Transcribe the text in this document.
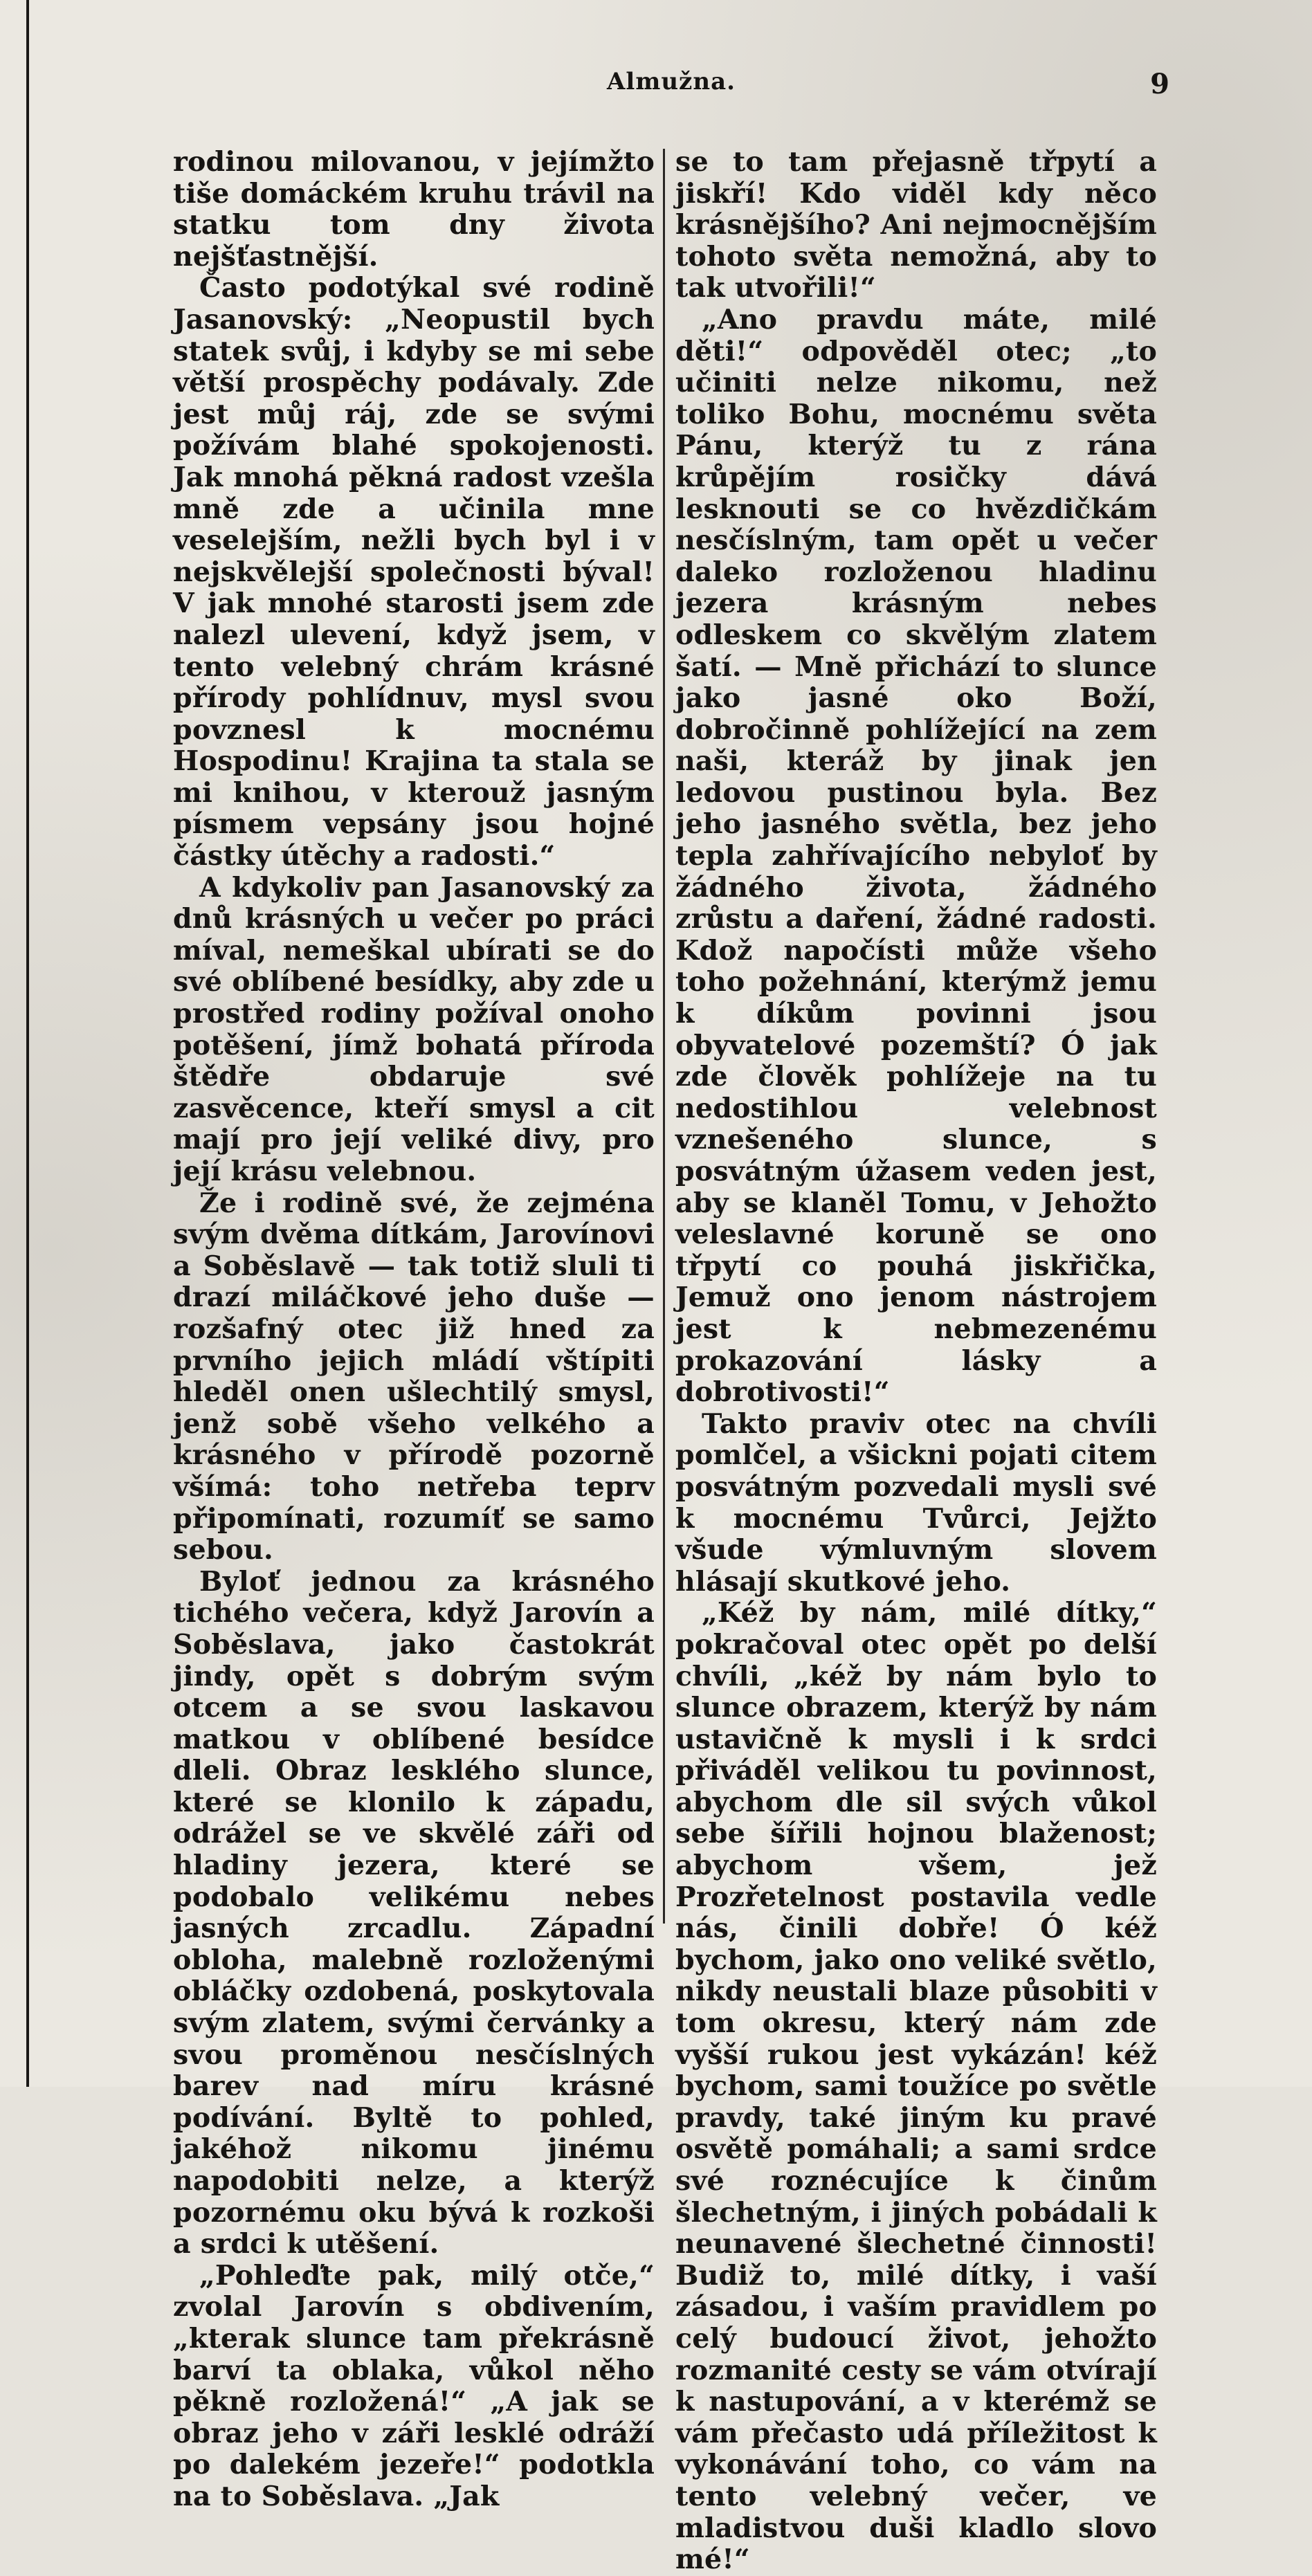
Almužna.	9

rodinou milovanou, v jejímžto tiše domáckém kruhu trávil na statku tom dny života nejšťastnější.

Často podotýkal své rodině Jasanovský: „Neopustil bych statek svůj, i kdyby se mi sebe větší prospěchy podávaly. Zde jest můj ráj, zde se svými požívám blahé spokojenosti. Jak mnohá pěkná radost vzešla mně zde a učinila mne veselejším, nežli bych byl i v nejskvělejší společnosti býval! V jak mnohé starosti jsem zde nalezl ulevení, když jsem, v tento velebný chrám krásné přírody pohlídnuv, mysl svou povznesl k mocnému Hospodinu! Krajina ta stala se mi knihou, v kterouž jasným písmem vepsány jsou hojné částky útěchy a radosti.“

A kdykoliv pan Jasanovský za dnů krásných u večer po práci míval, nemeškal ubírati se do své oblíbené besídky, aby zde u prostřed rodiny požíval onoho potěšení, jímž bohatá příroda štědře obdaruje své zasvěcence, kteří smysl a cit mají pro její veliké divy, pro její krásu velebnou.

Že i rodině své, že zejména svým dvěma dítkám, Jarovínovi a Soběslavě — tak totiž sluli ti drazí miláčkové jeho duše — rozšafný otec již hned za prvního jejich mládí vštípiti hleděl onen ušlechtilý smysl, jenž sobě všeho velkého a krásného v přírodě pozorně všímá: toho netřeba teprv připomínati, rozumíť se samo sebou.

Byloť jednou za krásného tichého večera, když Jarovín a Soběslava, jako častokrát jindy, opět s dobrým svým otcem a se svou laskavou matkou v oblíbené besídce dleli. Obraz lesklého slunce, které se klonilo k západu, odrážel se ve skvělé záři od hladiny jezera, které se podobalo velikému nebes jasných zrcadlu. Západní obloha, malebně rozloženými obláčky ozdobená, poskytovala svým zlatem, svými červánky a svou proměnou nesčíslných barev nad míru krásné podívání. Byltě to pohled, jakéhož nikomu jinému napodobiti nelze, a kterýž pozornému oku bývá k rozkoši a srdci k utěšení.

„Pohleďte pak, milý otče,“ zvolal Jarovín s obdivením, „kterak slunce tam překrásně barví ta oblaka, vůkol něho pěkně rozložená!“ „A jak se obraz jeho v záři lesklé odráží po dalekém jezeře!“ podotkla na to Soběslava. „Jak

se to tam přejasně třpytí a jiskří! Kdo viděl kdy něco krásnějšího? Ani nejmocnějším tohoto světa nemožná, aby to tak utvořili!“

„Ano pravdu máte, milé děti!“ odpověděl otec; „to učiniti nelze nikomu, než toliko Bohu, mocnému světa Pánu, kterýž tu z rána krůpějím rosičky dává lesknouti se co hvězdičkám nesčíslným, tam opět u večer daleko rozloženou hladinu jezera krásným nebes odleskem co skvělým zlatem šatí. — Mně přichází to slunce jako jasné oko Boží, dobročinně pohlížející na zem naši, kteráž by jinak jen ledovou pustinou byla. Bez jeho jasného světla, bez jeho tepla zahřívajícího nebyloť by žádného života, žádného zrůstu a daření, žádné radosti. Kdož napočísti může všeho toho požehnání, kterýmž jemu k díkům povinni jsou obyvatelové pozemští? Ó jak zde člověk pohlížeje na tu nedostihlou velebnost vznešeného slunce, s posvátným úžasem veden jest, aby se klaněl Tomu, v Jehožto veleslavné koruně se ono třpytí co pouhá jiskřička, Jemuž ono jenom nástrojem jest k nebmezenému prokazování lásky a dobrotivosti!“

Takto praviv otec na chvíli pomlčel, a všickni pojati citem posvátným pozvedali mysli své k mocnému Tvůrci, Jejžto všude výmluvným slovem hlásají skutkové jeho.

„Kéž by nám, milé dítky,“ pokračoval otec opět po delší chvíli, „kéž by nám bylo to slunce obrazem, kterýž by nám ustavičně k mysli i k srdci přiváděl velikou tu povinnost, abychom dle sil svých vůkol sebe šířili hojnou blaženost; abychom všem, jež Prozřetelnost postavila vedle nás, činili dobře! Ó kéž bychom, jako ono veliké světlo, nikdy neustali blaze působiti v tom okresu, který nám zde vyšší rukou jest vykázán! kéž bychom, sami toužíce po světle pravdy, také jiným ku pravé osvětě pomáhali; a sami srdce své roznécujíce k činům šlechetným, i jiných pobádali k neunavené šlechetné činnosti! Budiž to, milé dítky, i vaší zásadou, i vaším pravidlem po celý budoucí život, jehožto rozmanité cesty se vám otvírají k nastupování, a v kterémž se vám přečasto udá příležitost k vykonávání toho, co vám na tento velebný večer, ve mladistvou duši kladlo slovo mé!“
